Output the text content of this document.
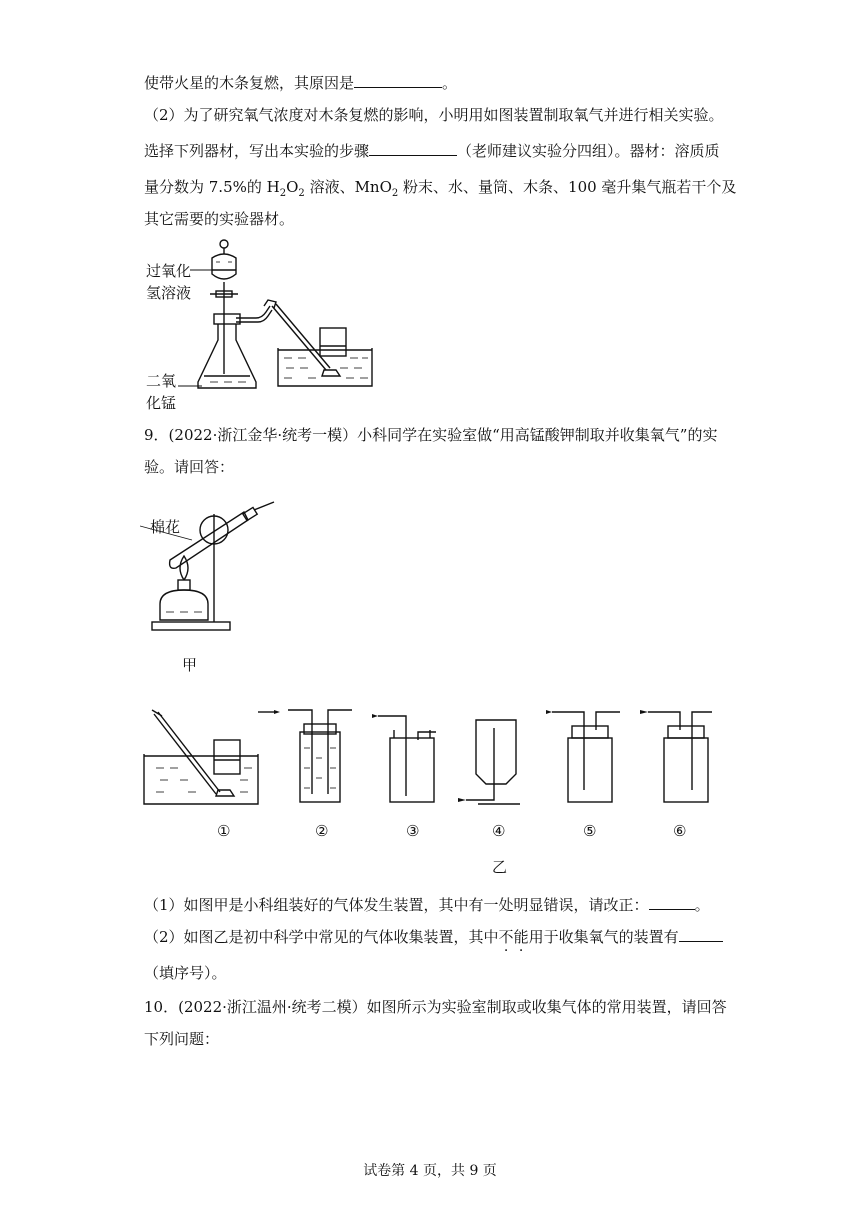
使带火星的木条复燃，其原因是	。
（2）为了研究氧气浓度对木条复燃的影响，小明用如图装置制取氧气并进行相关实验。
选择下列器材，写出本实验的步骤	（老师建议实验分四组）。器材：溶质质
量分数为 7.5%的 $H_2O_2$ 溶液、MnO$_2$ 粉末、水、量筒、木条、100 毫升集气瓶若干个及
其它需要的实验器材。
过氧化
氢溶液
二氧
化锰
9．(2022·浙江金华·统考一模）小科同学在实验室做“用高锰酸钾制取并收集氧气”的实
验。请回答：
棉花
甲
①	②	③	④	⑤	⑥
乙
（1）如图甲是小科组装好的气体发生装置，其中有一处明显错误，请改正：	。
（2）如图乙是初中科学中常见的气体收集装置，其中不能用于收集氧气的装置有
（填序号）。
10．(2022·浙江温州·统考二模）如图所示为实验室制取或收集气体的常用装置，请回答
下列问题：
试卷第 4 页，共 9 页
